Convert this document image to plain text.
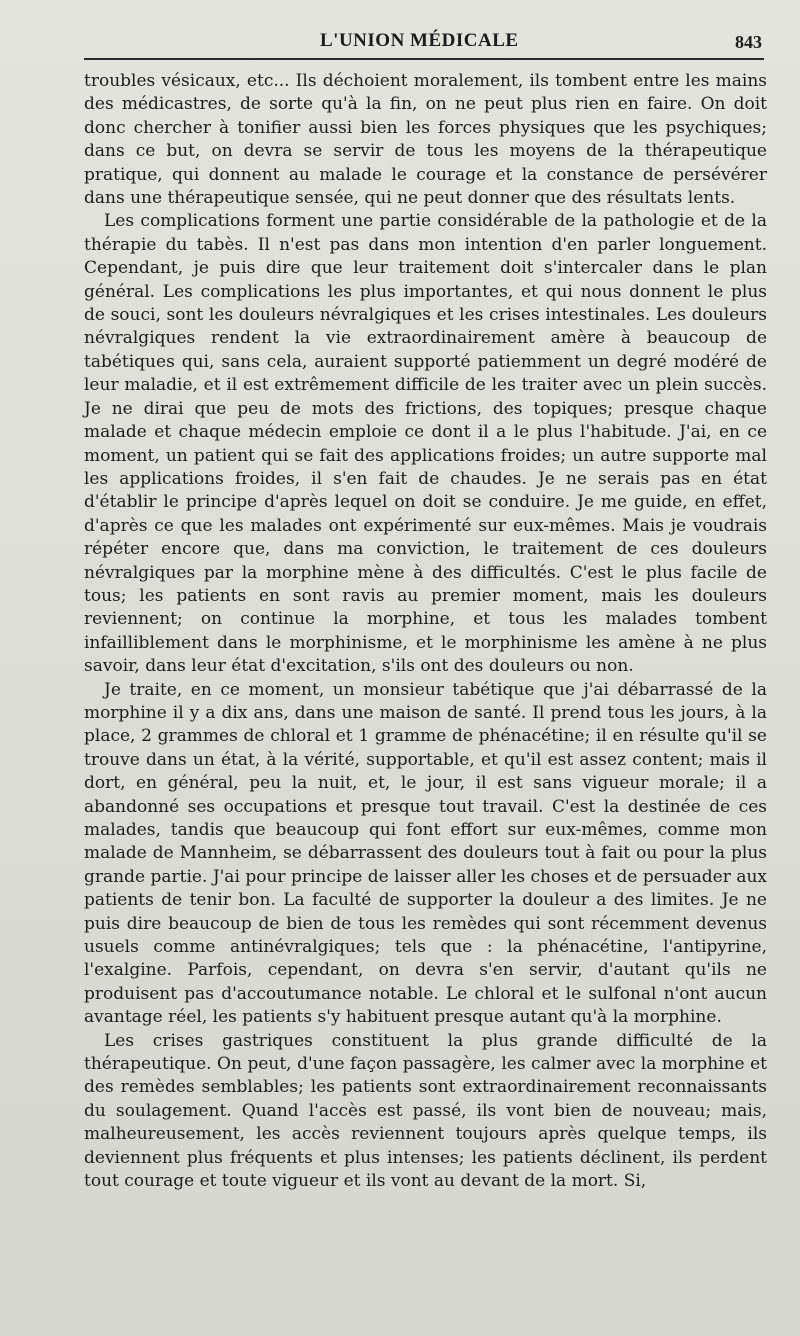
L'UNION MÉDICALE	843

troubles vésicaux, etc... Ils déchoient moralement, ils tombent entre les mains des médicastres, de sorte qu'à la fin, on ne peut plus rien en faire. On doit donc chercher à tonifier aussi bien les forces physiques que les psychiques; dans ce but, on devra se servir de tous les moyens de la thérapeutique pratique, qui donnent au malade le courage et la constance de persévérer dans une thérapeutique sensée, qui ne peut donner que des résultats lents.

Les complications forment une partie considérable de la pathologie et de la thérapie du tabès. Il n'est pas dans mon intention d'en parler longuement. Cependant, je puis dire que leur traitement doit s'intercaler dans le plan général. Les complications les plus importantes, et qui nous donnent le plus de souci, sont les douleurs névralgiques et les crises intestinales. Les douleurs névralgiques rendent la vie extraordinairement amère à beaucoup de tabétiques qui, sans cela, auraient supporté patiemment un degré modéré de leur maladie, et il est extrêmement difficile de les traiter avec un plein succès. Je ne dirai que peu de mots des frictions, des topiques; presque chaque malade et chaque médecin emploie ce dont il a le plus l'habitude. J'ai, en ce moment, un patient qui se fait des applications froides; un autre supporte mal les applications froides, il s'en fait de chaudes. Je ne serais pas en état d'établir le principe d'après lequel on doit se conduire. Je me guide, en effet, d'après ce que les malades ont expérimenté sur eux-mêmes. Mais je voudrais répéter encore que, dans ma conviction, le traitement de ces douleurs névralgiques par la morphine mène à des difficultés. C'est le plus facile de tous; les patients en sont ravis au premier moment, mais les douleurs reviennent; on continue la morphine, et tous les malades tombent infailliblement dans le morphinisme, et le morphinisme les amène à ne plus savoir, dans leur état d'excitation, s'ils ont des douleurs ou non.

Je traite, en ce moment, un monsieur tabétique que j'ai débarrassé de la morphine il y a dix ans, dans une maison de santé. Il prend tous les jours, à la place, 2 grammes de chloral et 1 gramme de phénacétine; il en résulte qu'il se trouve dans un état, à la vérité, supportable, et qu'il est assez content; mais il dort, en général, peu la nuit, et, le jour, il est sans vigueur morale; il a abandonné ses occupations et presque tout travail. C'est la destinée de ces malades, tandis que beaucoup qui font effort sur eux-mêmes, comme mon malade de Mannheim, se débarrassent des douleurs tout à fait ou pour la plus grande partie. J'ai pour principe de laisser aller les choses et de persuader aux patients de tenir bon. La faculté de supporter la douleur a des limites. Je ne puis dire beaucoup de bien de tous les remèdes qui sont récemment devenus usuels comme antinévralgiques; tels que : la phénacétine, l'antipyrine, l'exalgine. Parfois, cependant, on devra s'en servir, d'autant qu'ils ne produisent pas d'accoutumance notable. Le chloral et le sulfonal n'ont aucun avantage réel, les patients s'y habituent presque autant qu'à la morphine.

Les crises gastriques constituent la plus grande difficulté de la thérapeutique. On peut, d'une façon passagère, les calmer avec la morphine et des remèdes semblables; les patients sont extraordinairement reconnaissants du soulagement. Quand l'accès est passé, ils vont bien de nouveau; mais, malheureusement, les accès reviennent toujours après quelque temps, ils deviennent plus fréquents et plus intenses; les patients déclinent, ils perdent tout courage et toute vigueur et ils vont au devant de la mort. Si,
